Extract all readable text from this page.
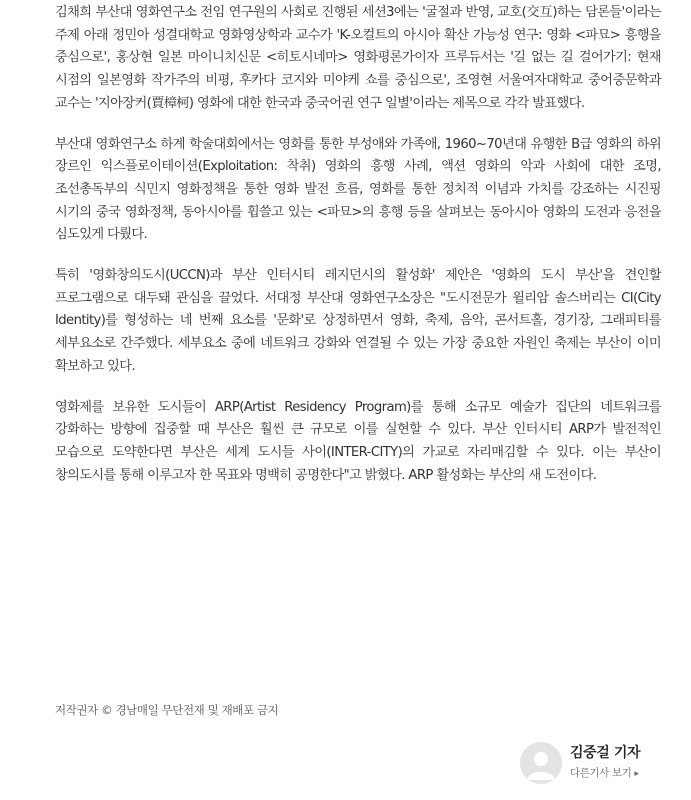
김채희 부산대 영화연구소 전임 연구원의 사회로 진행된 세션3에는 '굴절과 반영, 교호(交互)하는 담론들'이라는 주제 아래 정민아 성결대학교 영화영상학과 교수가 'K-오컬트의 아시아 확산 가능성 연구: 영화 <파묘> 흥행을 중심으로', 홍상현 일본 마이니치신문 <히토시네마> 영화평론가이자 프루듀서는 '길 없는 길 걸어가기: 현재 시점의 일본영화 작가주의 비평, 후카다 코지와 미야케 쇼를 중심으로', 조영현 서울여자대학교 중어중문학과 교수는 '지아장커(賈樟柯) 영화에 대한 한국과 중국어권 연구 일별'이라는 제목으로 각각 발표했다.

부산대 영화연구소 하계 학술대회에서는 영화를 통한 부성애와 가족애, 1960~70년대 유행한 B급 영화의 하위 장르인 익스플로이테이션(Exploitation: 착취) 영화의 흥행 사례, 액션 영화의 악과 사회에 대한 조명, 조선총독부의 식민지 영화정책을 통한 영화 발전 흐름, 영화를 통한 정치적 이념과 가치를 강조하는 시진핑 시기의 중국 영화정책, 동아시아를 휩쓸고 있는 <파묘>의 흥행 등을 살펴보는 동아시아 영화의 도전과 응전을 심도있게 다뤘다.

특히 '영화창의도시(UCCN)과 부산 인터시티 레지던시의 활성화' 제안은 '영화의 도시 부산'을 견인할 프로그램으로 대두돼 관심을 끌었다. 서대정 부산대 영화연구소장은 "도시전문가 윌리암 솔스버리는 CI(City Identity)를 형성하는 네 번째 요소를 '문화'로 상정하면서 영화, 축제, 음악, 콘서트홀, 경기장, 그래피티를 세부요소로 간주했다. 세부요소 중에 네트워크 강화와 연결될 수 있는 가장 중요한 자원인 축제는 부산이 이미 확보하고 있다.

영화제를 보유한 도시들이 ARP(Artist Residency Program)를 통해 소규모 예술가 집단의 네트워크를 강화하는 방향에 집중할 때 부산은 훨씬 큰 규모로 이를 실현할 수 있다. 부산 인터시티 ARP가 발전적인 모습으로 도약한다면 부산은 세계 도시들 사이(INTER-CITY)의 가교로 자리매김할 수 있다. 이는 부산이 창의도시를 통해 이루고자 한 목표와 명백히 공명한다"고 밝혔다. ARP 활성화는 부산의 새 도전이다.

저작권자 © 경남매일 무단전재 및 재배포 금지
김중걸 기자
다른기사 보기 ▸
